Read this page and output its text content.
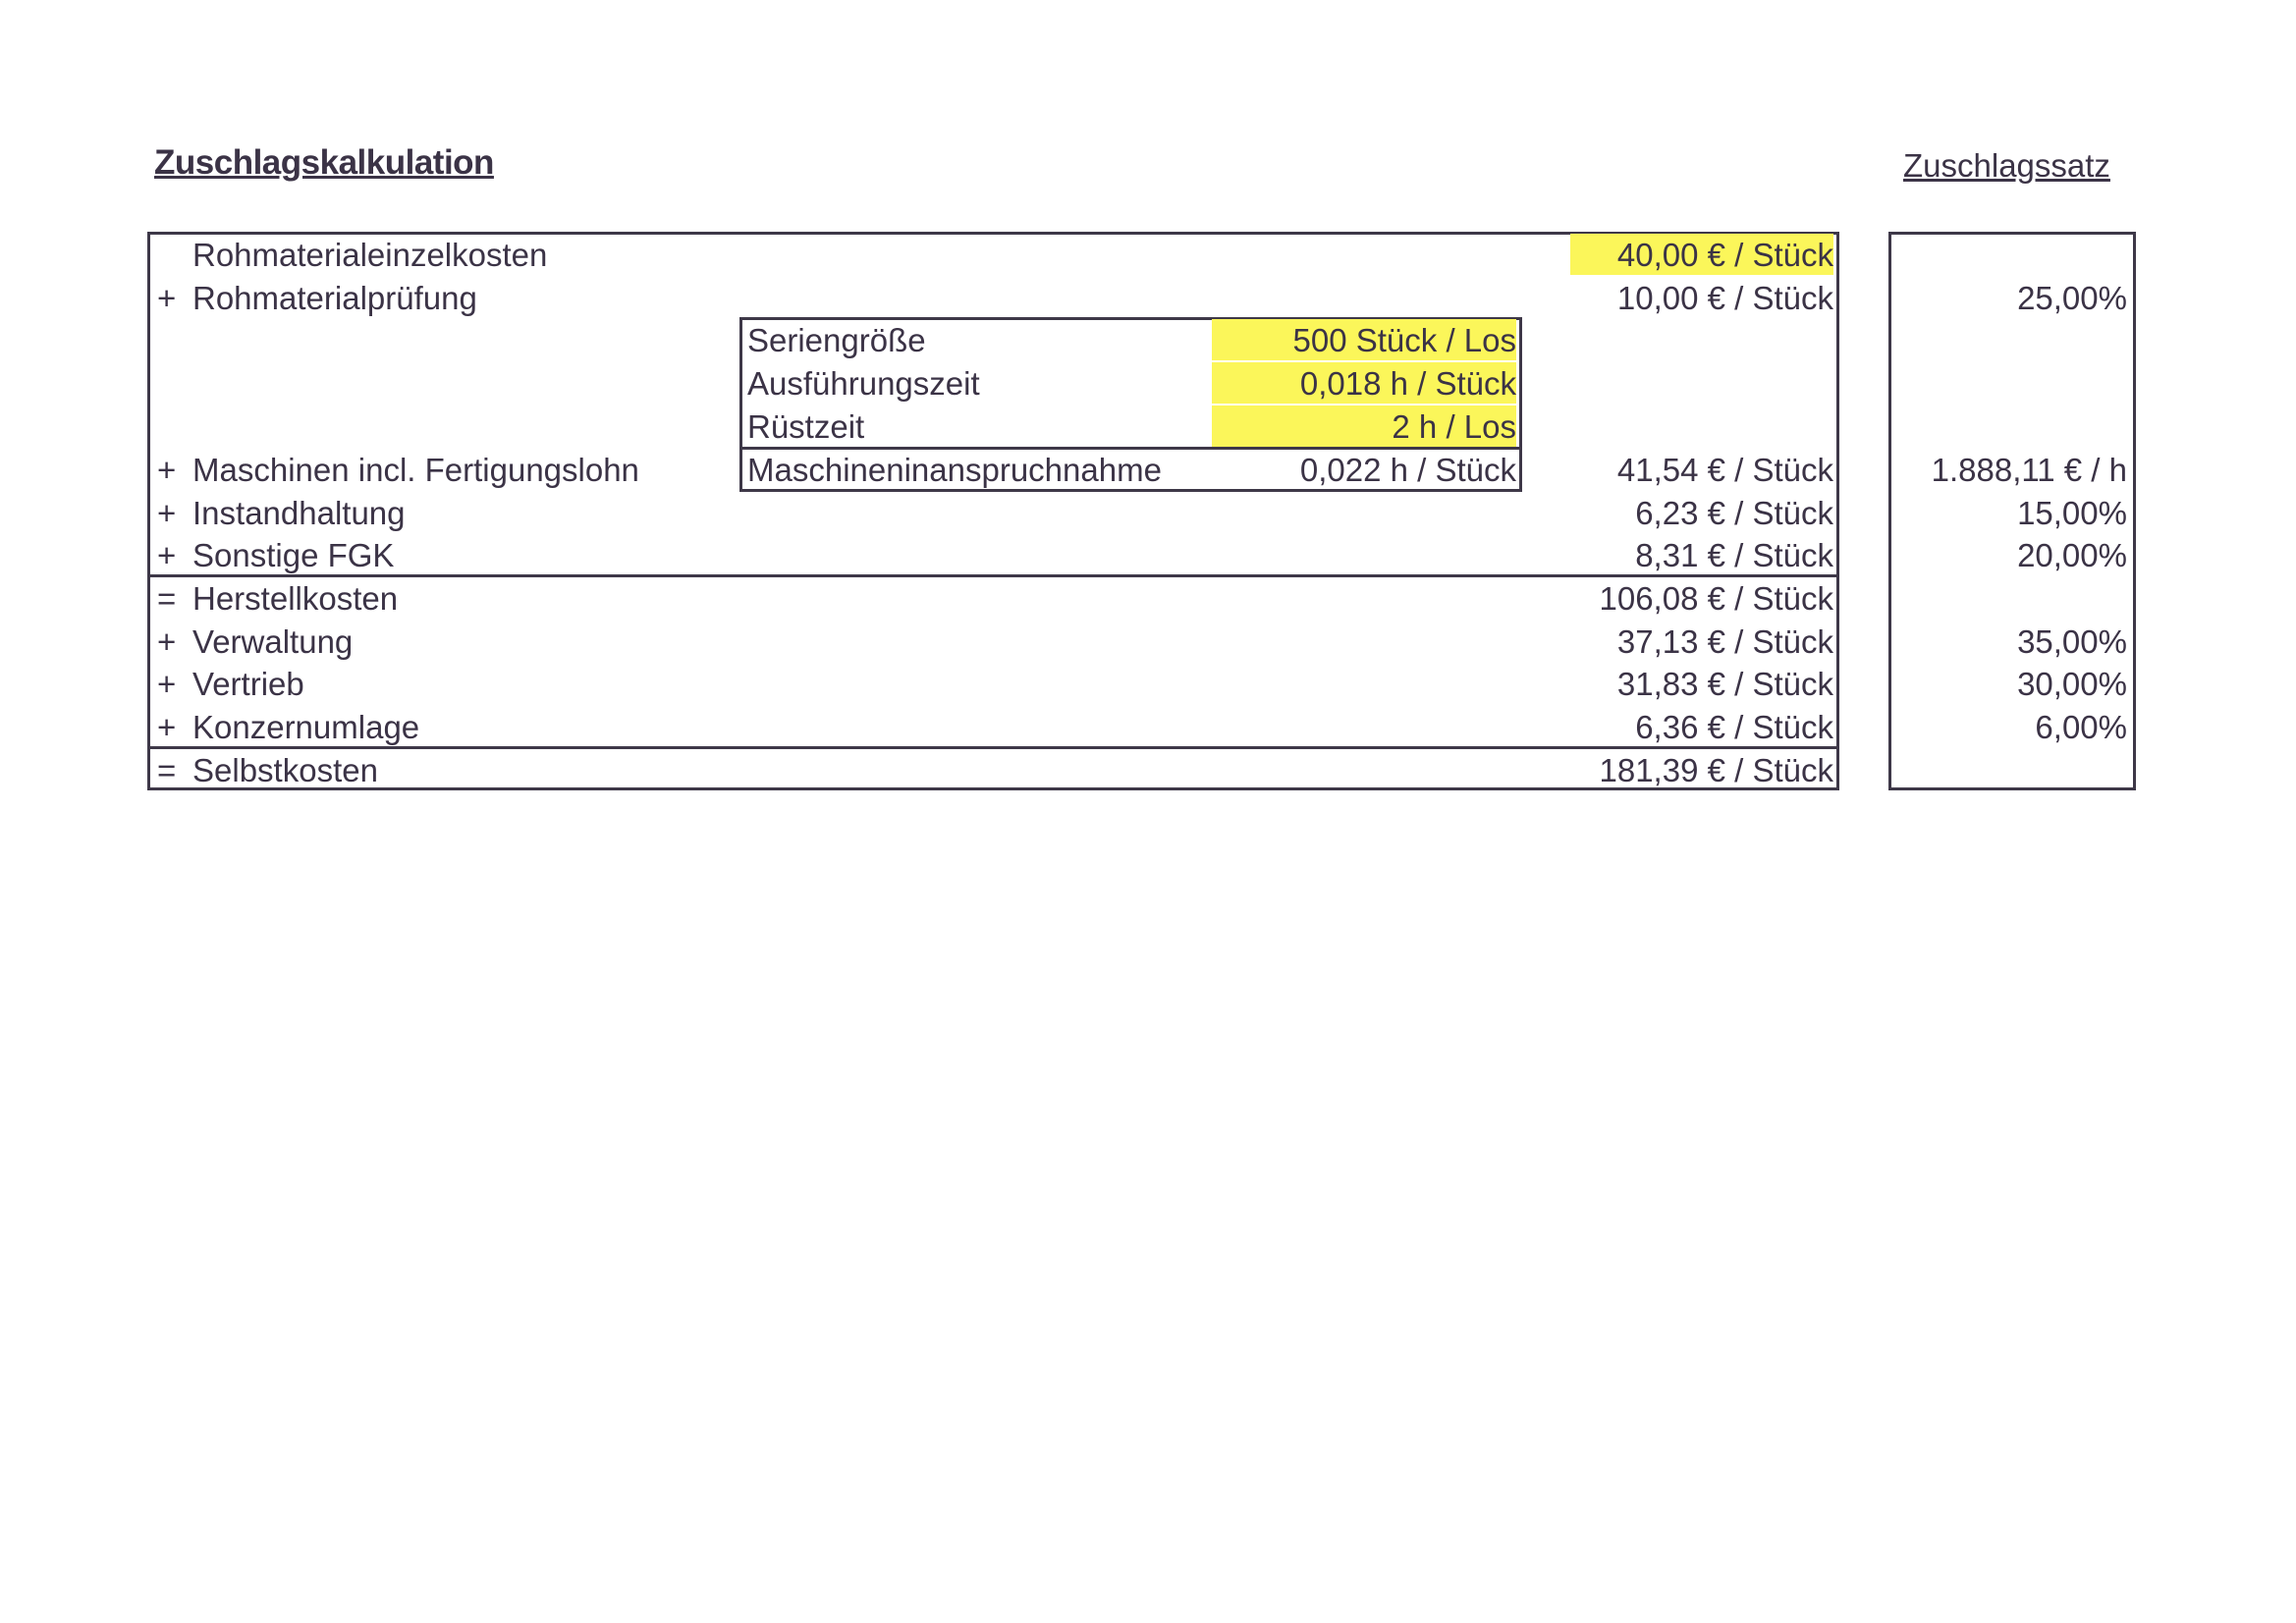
Zuschlagskalkulation	Zuschlagssatz
Seriengröße	500 Stück / Los
Ausführungszeit	0,018 h / Stück
Rüstzeit	2 h / Los
Maschineninanspruchnahme	0,022 h / Stück
Rohmaterialeinzelkosten	40,00 € / Stück
+ Rohmaterialprüfung	10,00 € / Stück	25,00%
+ Maschinen incl. Fertigungslohn	41,54 € / Stück	1.888,11 € / h
+ Instandhaltung	6,23 € / Stück	15,00%
+ Sonstige FGK	8,31 € / Stück	20,00%
= Herstellkosten	106,08 € / Stück
+ Verwaltung	37,13 € / Stück	35,00%
+ Vertrieb	31,83 € / Stück	30,00%
+ Konzernumlage	6,36 € / Stück	6,00%
= Selbstkosten	181,39 € / Stück
